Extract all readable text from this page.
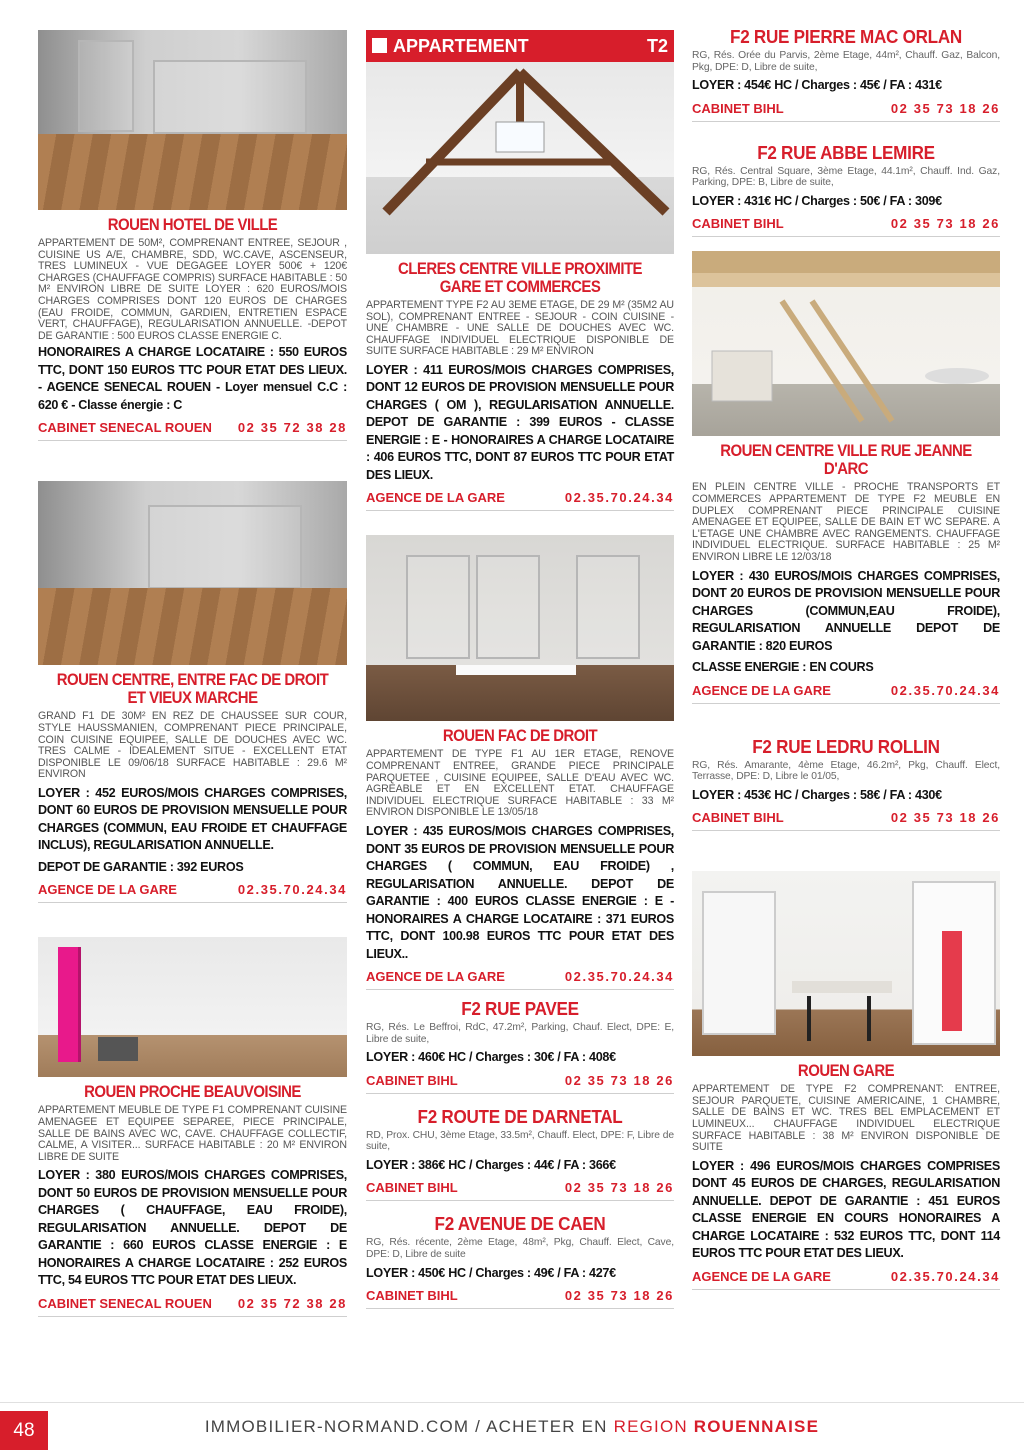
ROUEN HOTEL DE VILLE

APPARTEMENT DE 50M², COMPRENANT ENTREE, SEJOUR , CUISINE US A/E, CHAMBRE, SDD, WC.CAVE, ASCENSEUR, TRES LUMINEUX - VUE DEGAGEE LOYER 500€ + 120€ CHARGES (CHAUFFAGE COMPRIS) SURFACE HABITABLE : 50 M² ENVIRON LIBRE DE SUITE LOYER : 620 EUROS/MOIS CHARGES COMPRISES DONT 120 EUROS DE CHARGES (EAU FROIDE, COMMUN, GARDIEN, ENTRETIEN ESPACE VERT, CHAUFFAGE), REGULARISATION ANNUELLE. -DEPOT DE GARANTIE : 500 EUROS CLASSE ENERGIE C.

HONORAIRES A CHARGE LOCATAIRE : 550 EUROS TTC, DONT 150 EUROS TTC POUR ETAT DES LIEUX. - AGENCE SENECAL ROUEN - Loyer mensuel C.C : 620 € - Classe énergie : C

CABINET SENECAL ROUEN 02 35 72 38 28
ROUEN CENTRE, ENTRE FAC DE DROIT ET VIEUX MARCHE

GRAND F1 DE 30M² EN REZ DE CHAUSSEE SUR COUR, STYLE HAUSSMANIEN, COMPRENANT PIECE PRINCIPALE, COIN CUISINE EQUIPEE, SALLE DE DOUCHES AVEC WC. TRES CALME - IDEALEMENT SITUE - EXCELLENT ETAT DISPONIBLE LE 09/06/18 SURFACE HABITABLE : 29.6 M² ENVIRON

LOYER : 452 EUROS/MOIS CHARGES COMPRISES, DONT 60 EUROS DE PROVISION MENSUELLE POUR CHARGES (COMMUN, EAU FROIDE ET CHAUFFAGE INCLUS), REGULARISATION ANNUELLE.

DEPOT DE GARANTIE : 392 EUROS

AGENCE DE LA GARE	02.35.70.24.34
ROUEN PROCHE BEAUVOISINE

APPARTEMENT MEUBLE DE TYPE F1 COMPRENANT CUISINE AMENAGEE ET EQUIPEE SEPAREE, PIECE PRINCIPALE, SALLE DE BAINS AVEC WC, CAVE. CHAUFFAGE COLLECTIF, CALME, A VISITER... SURFACE HABITABLE : 20 M² ENVIRON LIBRE DE SUITE

LOYER : 380 EUROS/MOIS CHARGES COMPRISES, DONT 50 EUROS DE PROVISION MENSUELLE POUR CHARGES ( CHAUFFAGE, EAU FROIDE), REGULARISATION ANNUELLE. DEPOT DE GARANTIE : 660 EUROS CLASSE ENERGIE : E HONORAIRES A CHARGE LOCATAIRE : 252 EUROS TTC, 54 EUROS TTC POUR ETAT DES LIEUX.

CABINET SENECAL ROUEN 02 35 72 38 28
APPARTEMENT	T2
CLERES CENTRE VILLE PROXIMITE GARE ET COMMERCES

APPARTEMENT TYPE F2 AU 3EME ETAGE, DE 29 M² (35M2 AU SOL), COMPRENANT ENTREE - SEJOUR - COIN CUISINE - UNE CHAMBRE - UNE SALLE DE DOUCHES AVEC WC. CHAUFFAGE INDIVIDUEL ELECTRIQUE DISPONIBLE DE SUITE SURFACE HABITABLE : 29 M² ENVIRON

LOYER : 411 EUROS/MOIS CHARGES COMPRISES, DONT 12 EUROS DE PROVISION MENSUELLE POUR CHARGES ( OM ), REGULARISATION ANNUELLE. DEPOT DE GARANTIE : 399 EUROS - CLASSE ENERGIE : E - HONORAIRES A CHARGE LOCATAIRE : 406 EUROS TTC, DONT 87 EUROS TTC POUR ETAT DES LIEUX.

AGENCE DE LA GARE	02.35.70.24.34
ROUEN FAC DE DROIT

APPARTEMENT DE TYPE F1 AU 1ER ETAGE, RENOVE COMPRENANT ENTREE, GRANDE PIECE PRINCIPALE PARQUETEE , CUISINE EQUIPEE, SALLE D'EAU AVEC WC. AGREABLE ET EN EXCELLENT ETAT. CHAUFFAGE INDIVIDUEL ELECTRIQUE SURFACE HABITABLE : 33 M² ENVIRON DISPONIBLE LE 13/05/18

LOYER : 435 EUROS/MOIS CHARGES COMPRISES, DONT 35 EUROS DE PROVISION MENSUELLE POUR CHARGES ( COMMUN, EAU FROIDE) , REGULARISATION ANNUELLE. DEPOT DE GARANTIE : 400 EUROS CLASSE ENERGIE : E - HONORAIRES A CHARGE LOCATAIRE : 371 EUROS TTC, DONT 100.98 EUROS TTC POUR ETAT DES LIEUX..

AGENCE DE LA GARE	02.35.70.24.34
F2 RUE PAVEE

RG, Rés. Le Beffroi, RdC, 47.2m², Parking, Chauf. Elect, DPE: E, Libre de suite,

LOYER : 460€ HC / Charges : 30€ / FA : 408€

CABINET BIHL	02 35 73 18 26
F2 ROUTE DE DARNETAL

RD, Prox. CHU, 3ème Etage, 33.5m², Chauff. Elect, DPE: F, Libre de suite,

LOYER : 386€ HC / Charges : 44€ / FA : 366€

CABINET BIHL	02 35 73 18 26
F2 AVENUE DE CAEN

RG, Rés. récente, 2ème Etage, 48m², Pkg, Chauff. Elect, Cave, DPE: D, Libre de suite

LOYER : 450€ HC / Charges : 49€ / FA : 427€

CABINET BIHL	02 35 73 18 26
F2 RUE PIERRE MAC ORLAN

RG, Rés. Orée du Parvis, 2ème Etage, 44m², Chauff. Gaz, Balcon, Pkg, DPE: D, Libre de suite,

LOYER : 454€ HC / Charges : 45€ / FA : 431€

CABINET BIHL	02 35 73 18 26
F2 RUE ABBE LEMIRE

RG, Rés. Central Square, 3ème Etage, 44.1m², Chauff. Ind. Gaz, Parking, DPE: B, Libre de suite,

LOYER : 431€ HC / Charges : 50€ / FA : 309€

CABINET BIHL	02 35 73 18 26
ROUEN CENTRE VILLE RUE JEANNE D'ARC

EN PLEIN CENTRE VILLE - PROCHE TRANSPORTS ET COMMERCES APPARTEMENT DE TYPE F2 MEUBLE EN DUPLEX COMPRENANT PIECE PRINCIPALE CUISINE AMENAGEE ET EQUIPEE, SALLE DE BAIN ET WC SEPARE. A L'ETAGE UNE CHAMBRE AVEC RANGEMENTS. CHAUFFAGE INDIVIDUEL ELECTRIQUE. SURFACE HABITABLE : 25 M² ENVIRON LIBRE LE 12/03/18

LOYER : 430 EUROS/MOIS CHARGES COMPRISES, DONT 20 EUROS DE PROVISION MENSUELLE POUR CHARGES (COMMUN,EAU FROIDE), REGULARISATION ANNUELLE DEPOT DE GARANTIE : 820 EUROS

CLASSE ENERGIE : EN COURS

AGENCE DE LA GARE	02.35.70.24.34
F2 RUE LEDRU ROLLIN

RG, Rés. Amarante, 4ème Etage, 46.2m², Pkg, Chauff. Elect, Terrasse, DPE: D, Libre le 01/05,

LOYER : 453€ HC / Charges : 58€ / FA : 430€

CABINET BIHL	02 35 73 18 26
ROUEN GARE

APPARTEMENT DE TYPE F2 COMPRENANT: ENTREE, SEJOUR PARQUETE, CUISINE AMERICAINE, 1 CHAMBRE, SALLE DE BAINS ET WC. TRES BEL EMPLACEMENT ET LUMINEUX... CHAUFFAGE INDIVIDUEL ELECTRIQUE SURFACE HABITABLE : 38 M² ENVIRON DISPONIBLE DE SUITE

LOYER : 496 EUROS/MOIS CHARGES COMPRISES DONT 45 EUROS DE CHARGES, REGULARISATION ANNUELLE. DEPOT DE GARANTIE : 451 EUROS CLASSE ENERGIE EN COURS HONORAIRES A CHARGE LOCATAIRE : 532 EUROS TTC, DONT 114 EUROS TTC POUR ETAT DES LIEUX.

AGENCE DE LA GARE	02.35.70.24.34
48	IMMOBILIER-NORMAND.COM / ACHETER EN REGION ROUENNAISE
